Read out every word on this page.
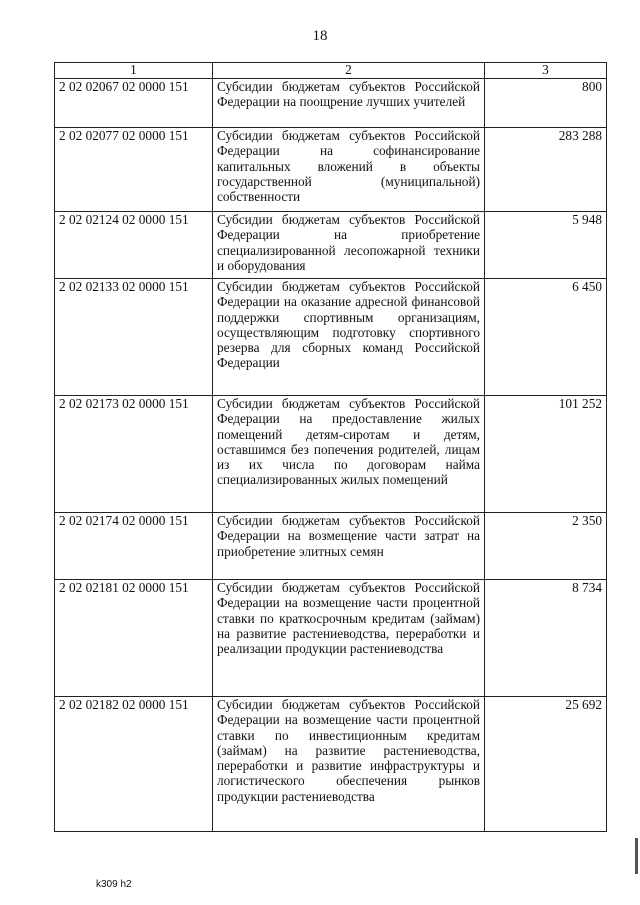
18
1	2	3
2 02 02067 02 0000 151	Субсидии бюджетам субъектов Российской Федерации на поощрение лучших учителей	800
2 02 02077 02 0000 151	Субсидии бюджетам субъектов Российской Федерации на софинансирование капитальных вложений в объекты государственной (муниципальной) собственности	283 288
2 02 02124 02 0000 151	Субсидии бюджетам субъектов Российской Федерации на приобретение специализированной лесопожарной техники и оборудования	5 948
2 02 02133 02 0000 151	Субсидии бюджетам субъектов Российской Федерации на оказание адресной финансовой поддержки спортивным организациям, осуществляющим подготовку спортивного резерва для сборных команд Российской Федерации	6 450
2 02 02173 02 0000 151	Субсидии бюджетам субъектов Российской Федерации на предоставление жилых помещений детям-сиротам и детям, оставшимся без попечения родителей, лицам из их числа по договорам найма специализированных жилых помещений	101 252
2 02 02174 02 0000 151	Субсидии бюджетам субъектов Российской Федерации на возмещение части затрат на приобретение элитных семян	2 350
2 02 02181 02 0000 151	Субсидии бюджетам субъектов Российской Федерации на возмещение части процентной ставки по краткосрочным кредитам (займам) на развитие растениеводства, переработки и реализации продукции растениеводства	8 734
2 02 02182 02 0000 151	Субсидии бюджетам субъектов Российской Федерации на возмещение части процентной ставки по инвестиционным кредитам (займам) на развитие растениеводства, переработки и развитие инфраструктуры и логистического обеспечения рынков продукции растениеводства	25 692
k309 h2
